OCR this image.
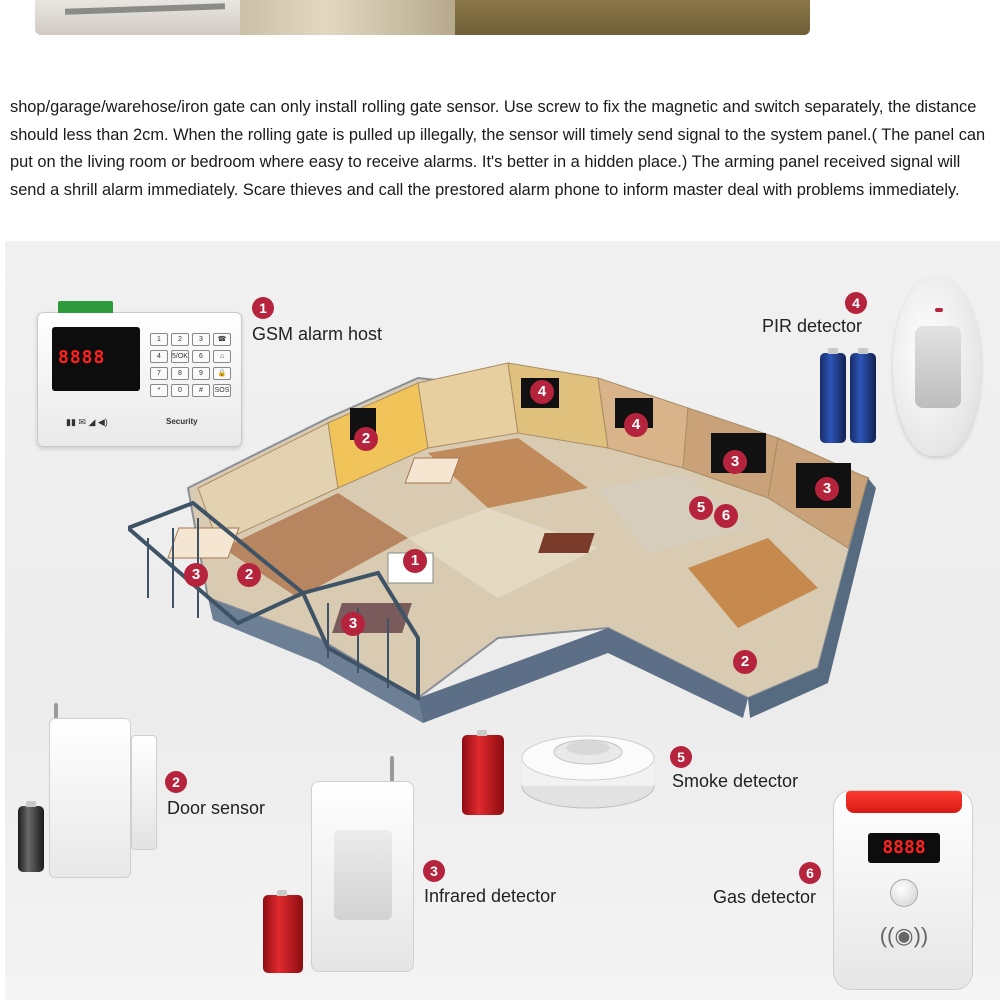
shop/garage/warehose/iron gate can only install rolling gate sensor. Use screw to fix the magnetic and switch separately, the distance should less than 2cm. When the rolling gate is pulled up illegally, the sensor will timely send signal to the system panel.( The panel can put on the living room or bedroom where easy to receive alarms. It's better in a hidden place.) The arming panel received signal will send a shrill alarm immediately. Scare thieves and call the prestored alarm phone to inform master deal with problems immediately.

8888
1	2	3	☎
4	5/OK	6	⌂
7	8	9	🔒
*	0	#	SOS
▮▮ ✉ ◢ ◀)	Security
1
GSM alarm host
1
2
2
2
3
3
3
3
4
4
5	6
4
PIR detector
2
Door sensor
3
Infrared detector
5
Smoke detector
6
Gas detector
8888
((◉))
